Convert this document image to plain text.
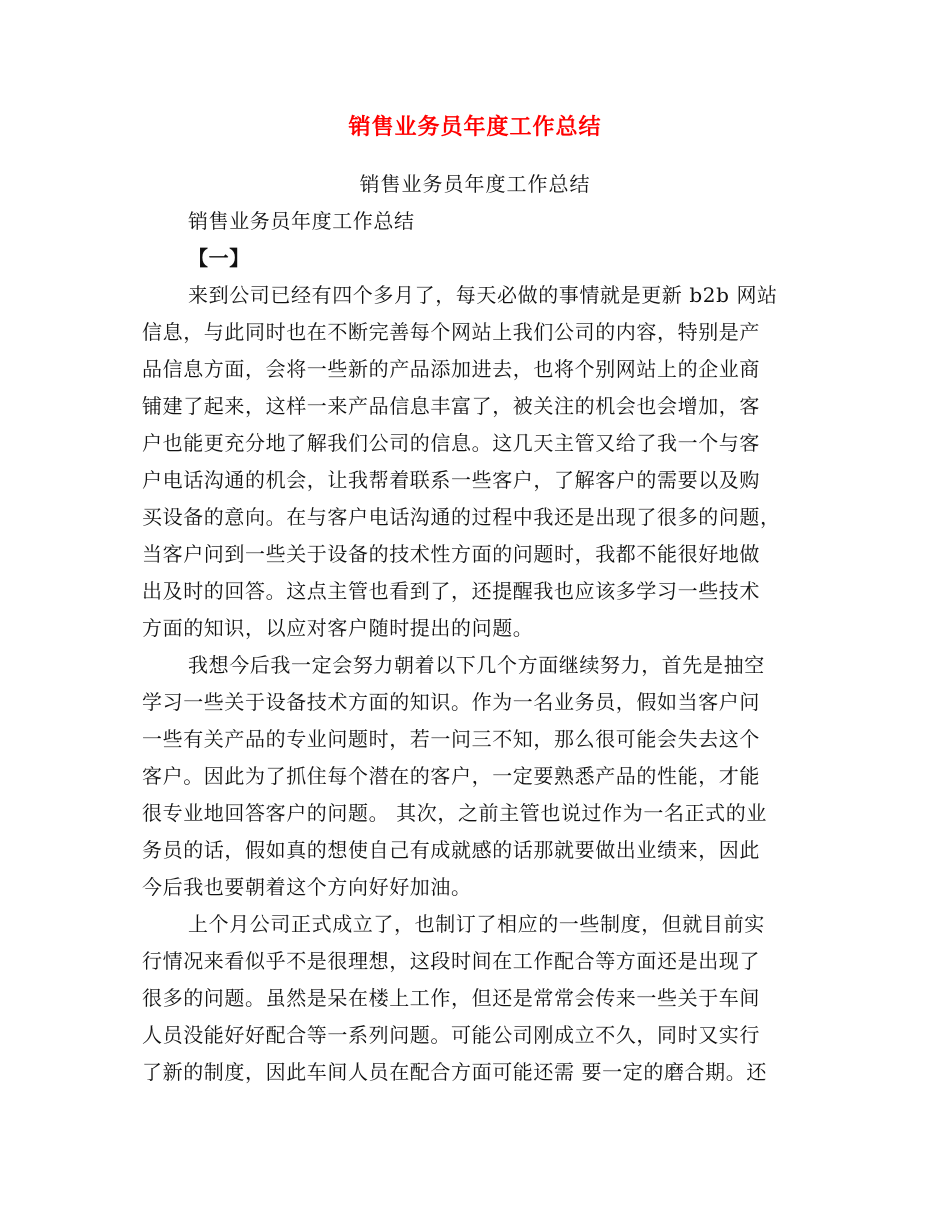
销售业务员年度工作总结
销售业务员年度工作总结
销售业务员年度工作总结
【一】
来到公司已经有四个多月了，每天必做的事情就是更新 b2b 网站
信息，与此同时也在不断完善每个网站上我们公司的内容，特别是产
品信息方面，会将一些新的产品添加进去，也将个别网站上的企业商
铺建了起来，这样一来产品信息丰富了，被关注的机会也会增加，客
户也能更充分地了解我们公司的信息。这几天主管又给了我一个与客
户电话沟通的机会，让我帮着联系一些客户，了解客户的需要以及购
买设备的意向。在与客户电话沟通的过程中我还是出现了很多的问题，
当客户问到一些关于设备的技术性方面的问题时，我都不能很好地做
出及时的回答。这点主管也看到了，还提醒我也应该多学习一些技术
方面的知识，以应对客户随时提出的问题。
我想今后我一定会努力朝着以下几个方面继续努力，首先是抽空
学习一些关于设备技术方面的知识。作为一名业务员，假如当客户问
一些有关产品的专业问题时，若一问三不知，那么很可能会失去这个
客户。因此为了抓住每个潜在的客户，一定要熟悉产品的性能，才能
很专业地回答客户的问题。 其次，之前主管也说过作为一名正式的业
务员的话，假如真的想使自己有成就感的话那就要做出业绩来，因此
今后我也要朝着这个方向好好加油。
上个月公司正式成立了，也制订了相应的一些制度，但就目前实
行情况来看似乎不是很理想，这段时间在工作配合等方面还是出现了
很多的问题。虽然是呆在楼上工作，但还是常常会传来一些关于车间
人员没能好好配合等一系列问题。可能公司刚成立不久，同时又实行
了新的制度，因此车间人员在配合方面可能还需 要一定的磨合期。还
